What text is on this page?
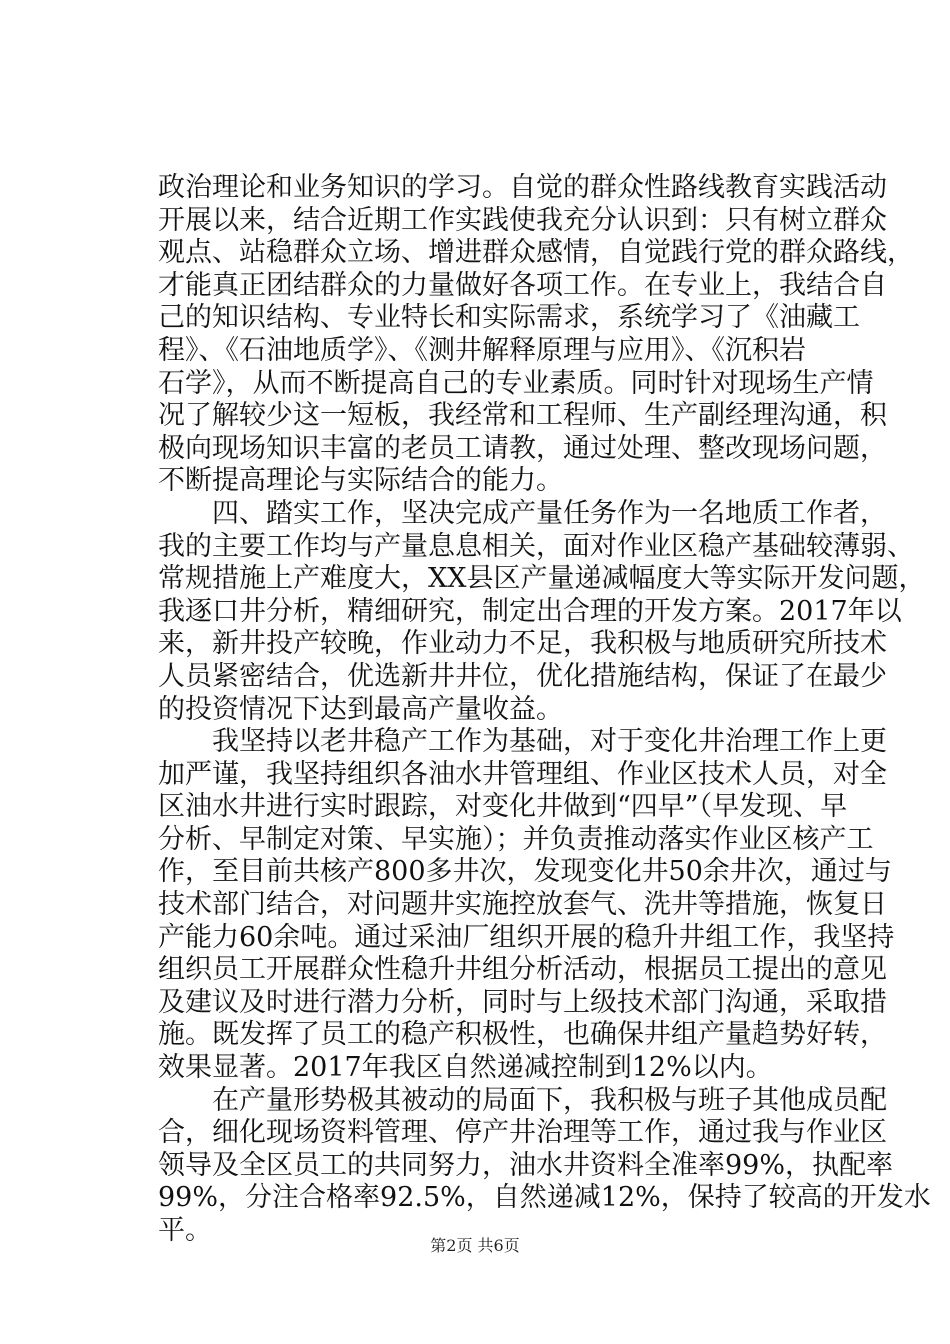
政治理论和业务知识的学习。自觉的群众性路线教育实践活动
开展以来，结合近期工作实践使我充分认识到：只有树立群众
观点、站稳群众立场、增进群众感情，自觉践行党的群众路线，
才能真正团结群众的力量做好各项工作。在专业上，我结合自
己的知识结构、专业特长和实际需求，系统学习了《油藏工
程》、《石油地质学》、《测井解释原理与应用》、《沉积岩
石学》，从而不断提高自己的专业素质。同时针对现场生产情
况了解较少这一短板，我经常和工程师、生产副经理沟通，积
极向现场知识丰富的老员工请教，通过处理、整改现场问题，
不断提高理论与实际结合的能力。
　　四、踏实工作，坚决完成产量任务作为一名地质工作者，
我的主要工作均与产量息息相关，面对作业区稳产基础较薄弱、
常规措施上产难度大，XX县区产量递减幅度大等实际开发问题，
我逐口井分析，精细研究，制定出合理的开发方案。2017年以
来，新井投产较晚，作业动力不足，我积极与地质研究所技术
人员紧密结合，优选新井井位，优化措施结构，保证了在最少
的投资情况下达到最高产量收益。
　　我坚持以老井稳产工作为基础，对于变化井治理工作上更
加严谨，我坚持组织各油水井管理组、作业区技术人员，对全
区油水井进行实时跟踪，对变化井做到“四早”（早发现、早
分析、早制定对策、早实施）；并负责推动落实作业区核产工
作，至目前共核产800多井次，发现变化井50余井次，通过与
技术部门结合，对问题井实施控放套气、洗井等措施，恢复日
产能力60余吨。通过采油厂组织开展的稳升井组工作，我坚持
组织员工开展群众性稳升井组分析活动，根据员工提出的意见
及建议及时进行潜力分析，同时与上级技术部门沟通，采取措
施。既发挥了员工的稳产积极性，也确保井组产量趋势好转，
效果显著。2017年我区自然递减控制到12%以内。
　　在产量形势极其被动的局面下，我积极与班子其他成员配
合，细化现场资料管理、停产井治理等工作，通过我与作业区
领导及全区员工的共同努力，油水井资料全准率99%，执配率
99%，分注合格率92.5%，自然递减12%，保持了较高的开发水
平。	第2页 共6页
